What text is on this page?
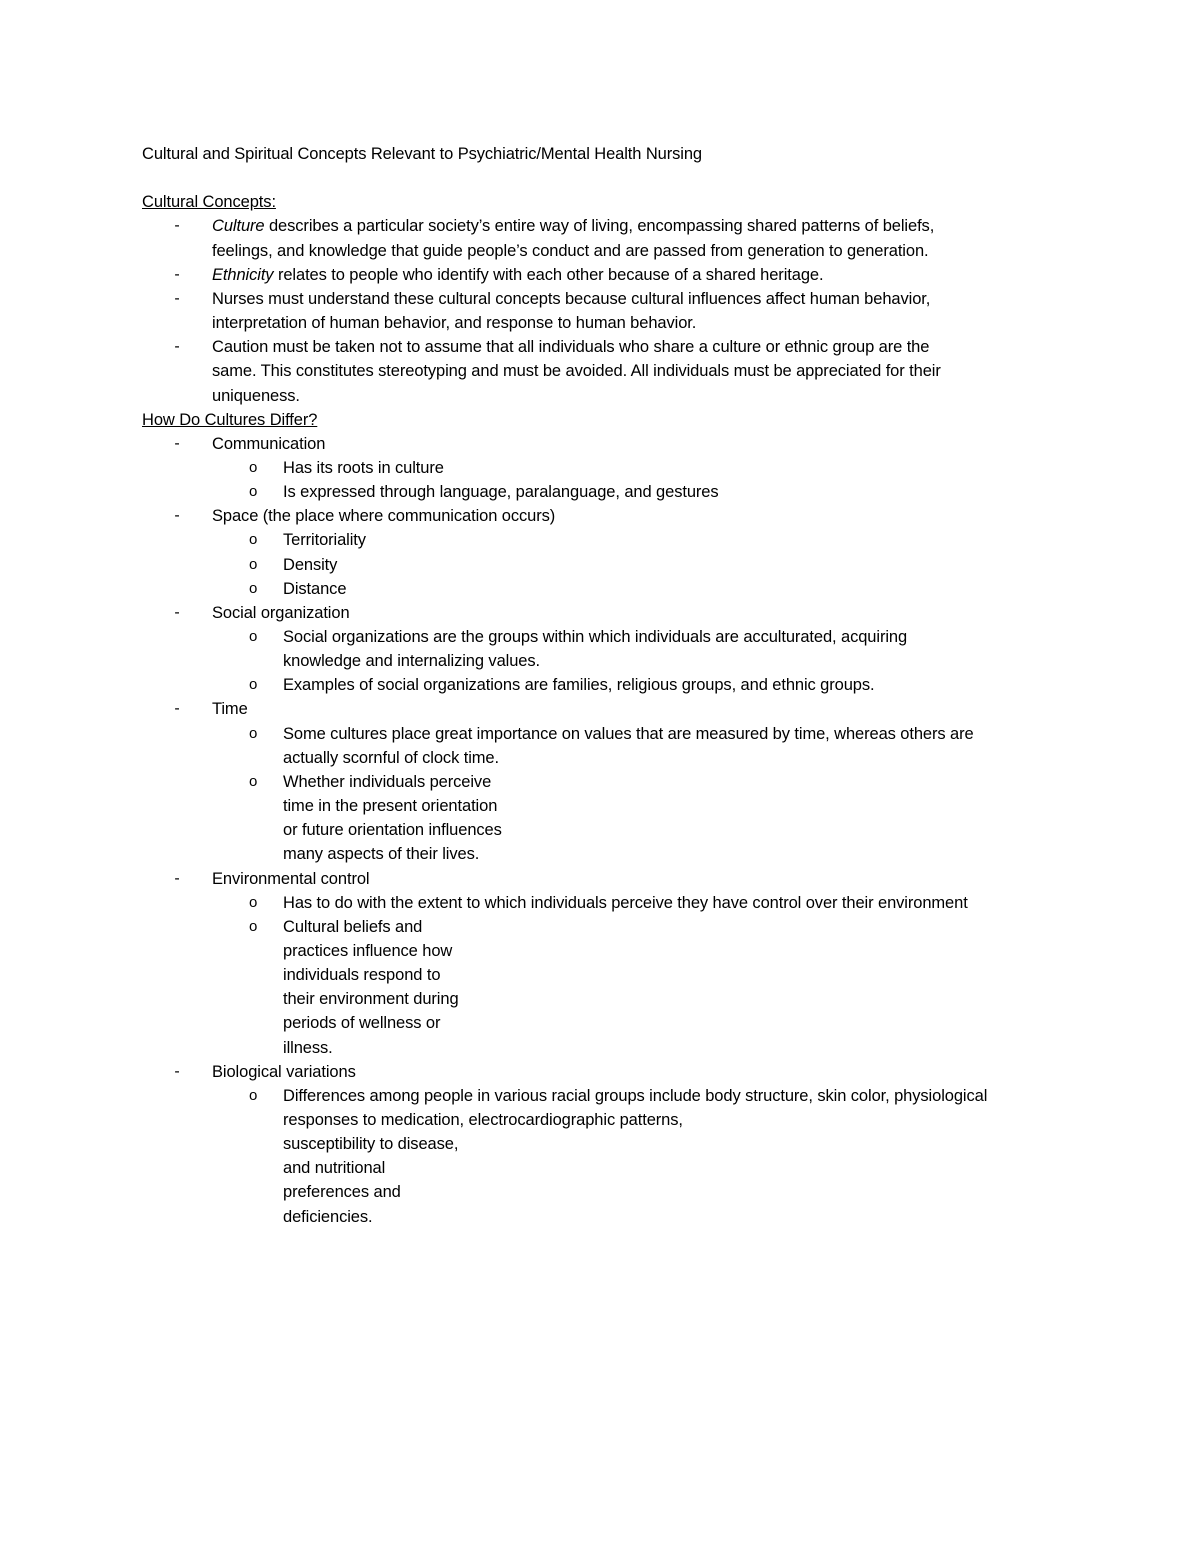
Cultural and Spiritual Concepts Relevant to Psychiatric/Mental Health Nursing
Cultural Concepts:
- Culture describes a particular society’s entire way of living, encompassing shared patterns of beliefs,
feelings, and knowledge that guide people’s conduct and are passed from generation to generation.
- Ethnicity relates to people who identify with each other because of a shared heritage.
- Nurses must understand these cultural concepts because cultural influences affect human behavior,
interpretation of human behavior, and response to human behavior.
- Caution must be taken not to assume that all individuals who share a culture or ethnic group are the
same. This constitutes stereotyping and must be avoided. All individuals must be appreciated for their
uniqueness.
How Do Cultures Differ?
- Communication
o Has its roots in culture
o Is expressed through language, paralanguage, and gestures
- Space (the place where communication occurs)
o Territoriality
o Density
o Distance
- Social organization
o Social organizations are the groups within which individuals are acculturated, acquiring
knowledge and internalizing values.
o Examples of social organizations are families, religious groups, and ethnic groups.
- Time
o Some cultures place great importance on values that are measured by time, whereas others are
actually scornful of clock time.
o Whether individuals perceive
time in the present orientation
or future orientation influences
many aspects of their lives.
- Environmental control
o Has to do with the extent to which individuals perceive they have control over their environment
o Cultural beliefs and
practices influence how
individuals respond to
their environment during
periods of wellness or
illness.
- Biological variations
o Differences among people in various racial groups include body structure, skin color, physiological
responses to medication, electrocardiographic patterns,
susceptibility to disease,
and nutritional
preferences and
deficiencies.
